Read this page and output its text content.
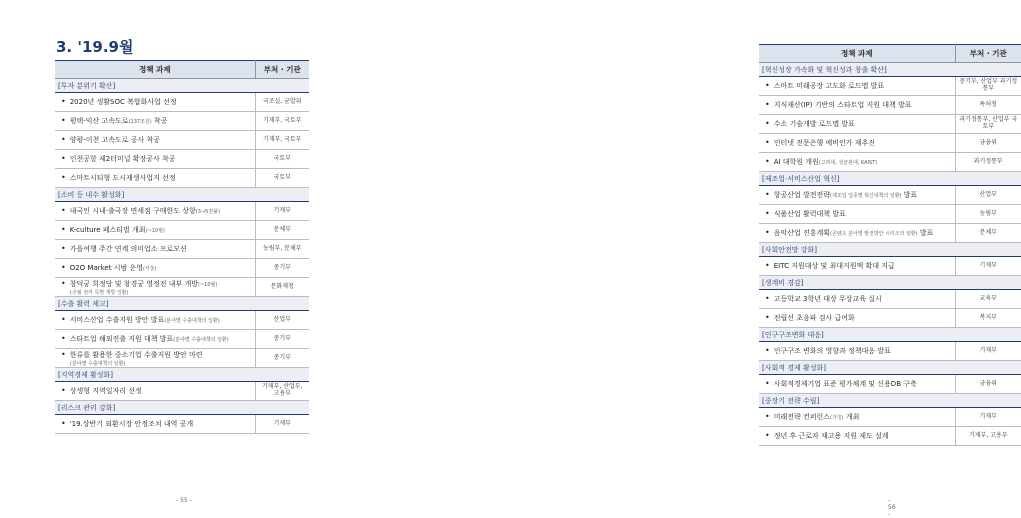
3. '19.9월
정책 과제	부처 · 기관
[투자 분위기 확산]	
• 2020년 생활SOC 복합화사업 선정	국조실, 균발위
• 평택-익산 고속도로(137조원) 착공	기재부, 국토부
• 양평-이천 고속도로 공사 착공	기재부, 국토부
• 인천공항 제2터미널 확장공사 착공	국토부
• 스마트시티형 도시재생사업지 선정	국토부
[소비 등 내수 활성화]	
• 내국인 시내·출국장 면세점 구매한도 상향(3→5천불)	기재부
• K-culture 페스티벌 개최(~10월)	문체부
• 가을여행 주간 연계 의미업소 프로모션	농림부, 문체부
• O2O Market 시범 운영(서울)	중기부
• 창덕궁 희정당 및 창경궁 영정전 내부 개방(~10월)
(궁궐 전각 특별 개방 일환)	문화재청
[수출 활력 제고]	
• 서비스산업 수출지원 방안 발표(분야별 수출대책의 일환)	산업부
• 스타트업 해외진출 지원 대책 발표(분야별 수출대책의 일환)	중기부
• 한류를 활용한 중소기업 수출지원 방안 마련
(분야별 수출대책의 일환)	중기부
[지역경제 활성화]	
• 상생형 지역일자리 선정	기재부, 산업부, 고용부
[리스크 관리 강화]	
• '19.상반기 외환시장 안정조치 내역 공개	기재부
- 55 -
정책 과제	부처 · 기관
[혁신성장 가속화 및 혁신성과 창출 확산]	
• 스마트 미래공장 고도화 로드맵 발표	중기부, 산업부 과기정통부
• 지식재산(IP) 기반의 스타트업 지원 대책 발표	특허청
• 수소 기술개발 로드맵 발표	과기정통부, 산업부 국토부
• 인터넷 전문은행 예비인가 재추진	금융위
• AI 대학원 개원(고려대, 성균관대, KAIST)	과기정통부
[제조업·서비스산업 혁신]	
• 항공산업 발전전략(제조업 업종별 혁신대책의 일환) 발표	산업부
• 식품산업 활력대책 발표	농림부
• 음악산업 진흥계획(콘텐츠 분야별 발전방안 시리즈의 일환) 발표	문체부
[사회안전망 강화]	
• EITC 지원대상 및 최대지원액 확대 지급	기재부
[생계비 경감]	
• 고등학교 3학년 대상 무상교육 실시	교육부
• 전립선 초음파 검사 급여화	복지부
[인구구조변화 대응]	
• 인구구조 변화의 영향과 정책대응 발표	기재부
[사회적 경제 활성화]	
• 사회적경제기업 표준 평가체계 및 신용DB 구축	금융위
[중장기 전략 수립]	
• 미래전략 컨퍼런스(가칭) 개최	기재부
• 정년 후 근로자 재고용 지원 제도 설계	기재부, 고용부
- 56 -
